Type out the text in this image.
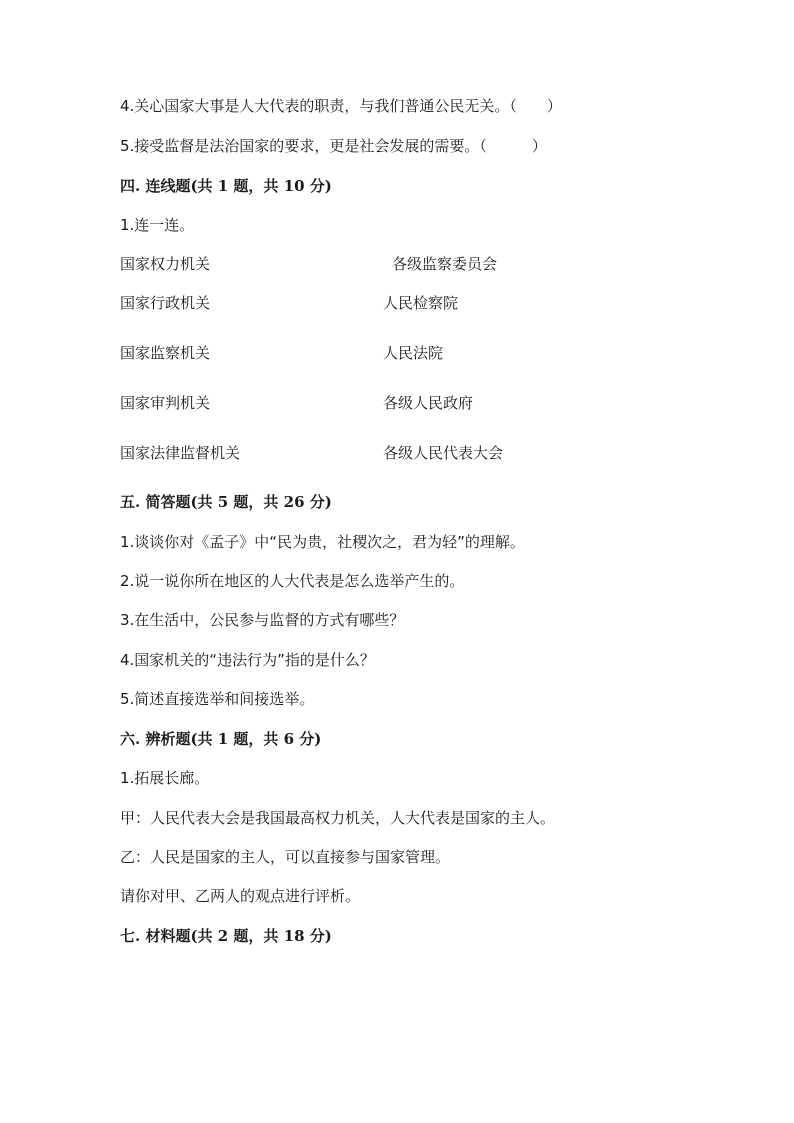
4.关心国家大事是人大代表的职责，与我们普通公民无关。（　　）
5.接受监督是法治国家的要求，更是社会发展的需要。（　　　）
四. 连线题(共 1 题，共 10 分)
1.连一连。
国家权力机关	各级监察委员会
国家行政机关	人民检察院
国家监察机关	人民法院
国家审判机关	各级人民政府
国家法律监督机关	各级人民代表大会
五. 简答题(共 5 题，共 26 分)
1.谈谈你对《孟子》中“民为贵，社稷次之，君为轻”的理解。
2.说一说你所在地区的人大代表是怎么选举产生的。
3.在生活中，公民参与监督的方式有哪些？
4.国家机关的“违法行为”指的是什么？
5.简述直接选举和间接选举。
六. 辨析题(共 1 题，共 6 分)
1.拓展长廊。
甲：人民代表大会是我国最高权力机关，人大代表是国家的主人。
乙：人民是国家的主人，可以直接参与国家管理。
请你对甲、乙两人的观点进行评析。
七. 材料题(共 2 题，共 18 分)
